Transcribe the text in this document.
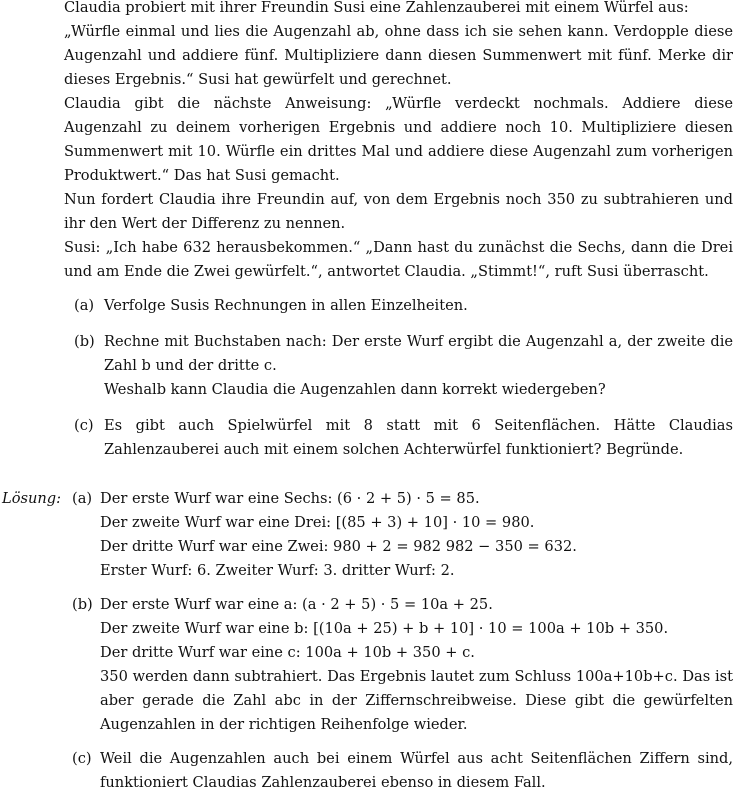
Claudia probiert mit ihrer Freundin Susi eine Zahlenzauberei mit einem Würfel aus:

„Würfle einmal und lies die Augenzahl ab, ohne dass ich sie sehen kann. Verdopple diese Augenzahl und addiere fünf. Multipliziere dann diesen Summenwert mit fünf. Merke dir dieses Ergebnis.“ Susi hat gewürfelt und gerechnet.

Claudia gibt die nächste Anweisung: „Würfle verdeckt nochmals. Addiere diese Augenzahl zu deinem vorherigen Ergebnis und addiere noch 10. Multipliziere diesen Summenwert mit 10. Würfle ein drittes Mal und addiere diese Augenzahl zum vorherigen Produktwert.“ Das hat Susi gemacht.

Nun fordert Claudia ihre Freundin auf, von dem Ergebnis noch 350 zu subtrahieren und ihr den Wert der Differenz zu nennen.

Susi: „Ich habe 632 herausbekommen.“ „Dann hast du zunächst die Sechs, dann die Drei und am Ende die Zwei gewürfelt.“, antwortet Claudia. „Stimmt!“, ruft Susi überrascht.

(a) Verfolge Susis Rechnungen in allen Einzelheiten.

(b) Rechne mit Buchstaben nach: Der erste Wurf ergibt die Augenzahl a, der zweite die Zahl b und der dritte c.

Weshalb kann Claudia die Augenzahlen dann korrekt wiedergeben?

(c) Es gibt auch Spielwürfel mit 8 statt mit 6 Seitenflächen. Hätte Claudias Zahlenzauberei auch mit einem solchen Achterwürfel funktioniert? Begründe.

Lösung: (a) Der erste Wurf war eine Sechs: (6 · 2 + 5) · 5 = 85.

Der zweite Wurf war eine Drei: [(85 + 3) + 10] · 10 = 980.

Der dritte Wurf war eine Zwei: 980 + 2 = 982 982 − 350 = 632.

Erster Wurf: 6. Zweiter Wurf: 3. dritter Wurf: 2.

(b) Der erste Wurf war eine a: (a · 2 + 5) · 5 = 10a + 25.

Der zweite Wurf war eine b: [(10a + 25) + b + 10] · 10 = 100a + 10b + 350.

Der dritte Wurf war eine c: 100a + 10b + 350 + c.

350 werden dann subtrahiert. Das Ergebnis lautet zum Schluss 100a+10b+c. Das ist aber gerade die Zahl abc in der Ziffernschreibweise. Diese gibt die gewürfelten Augenzahlen in der richtigen Reihenfolge wieder.

(c) Weil die Augenzahlen auch bei einem Würfel aus acht Seitenflächen Ziffern sind, funktioniert Claudias Zahlenzauberei ebenso in diesem Fall.
